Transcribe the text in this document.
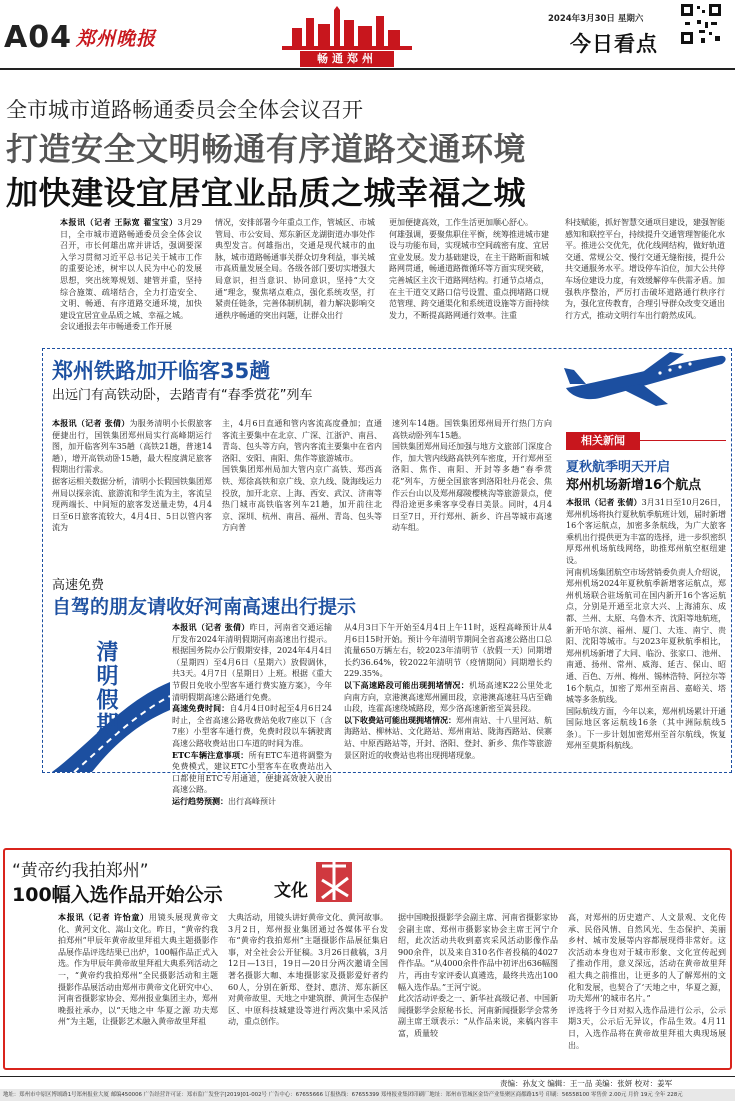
A04 郑州晚报
畅通郑州
2024年3月30日 星期六
今日看点
全市城市道路畅通委员会全体会议召开
打造安全文明畅通有序道路交通环境
加快建设宜居宜业品质之城幸福之城
本报讯（记者 王际宽 翟宝宝）3月29日，全市城市道路畅通委员会全体会议召开，市长何雄出席并讲话，强调要深入学习贯彻习近平总书记关于城市工作的重要论述，树牢以人民为中心的发展思想，突出统筹规划、建管并重，坚持综合施策、疏堵结合，全力打造安全、文明、畅通、有序道路交通环境，加快建设宜居宜业品质之城、幸福之城。
会议通报去年市畅通委工作开展
情况，安排部署今年重点工作，管城区、市城管局、市公安局、郑东新区龙湖街道办事处作典型发言。何雄指出，交通是现代城市的血脉，城市道路畅通事关群众切身利益，事关城市高质量发展全局。各级各部门要切实增强大局意识，担当意识、协同意识，坚持“大交通”理念，聚焦堵点难点，强化系统攻坚，打紧责任链条，完善体制机制，着力解决影响交通秩序畅通的突出问题，让群众出行
更加便捷高效，工作生活更加顺心舒心。
何雄强调，要聚焦职住平衡，统筹推进城市建设与功能布局，实现城市空间疏密有度、宜居宜业发展。发力基础建设，在主干路断面和城路网贯通，畅通道路微循环等方面实现突破，完善城区主次干道路网结构。打通节点堵点，在主干道交叉路口信号设置、重点拥堵路口规范管理、跨交通渠化和系统道设施等方面持续发力，不断提高路网通行效率。注重
科技赋能，抓好智慧交通项目建设，建强智能感知和联控平台，持续提升交通管理智能化水平。推进公交优先，优化线网结构，做好轨道交通、常规公交、慢行交通无缝衔接，提升公共交通服务水平。增设停车泊位，加大公共停车场位建设力度，有效缓解停车供需矛盾。加强秩序整治，严厉打击破坏道路通行秩序行为，强化宣传教育，合理引导群众改变交通出行方式，推动文明行车出行蔚然成风。
郑州铁路加开临客35趟
出远门有高铁动卧，去踏青有“春季赏花”列车
本报讯（记者 张倩）为服务清明小长假旅客便捷出行，国铁集团郑州局实行高峰期运行图，加开临客列车35趟（高铁21趟，普速14趟），增开高铁动卧15趟，最大程度满足旅客假期出行需求。
据客运相关数据分析，清明小长假国铁集团郑州局以探亲流、旅游流和学生流为主，客流呈现两端长、中间短的旅客发送量走势，4月4日至6日旅客流较大，4月4日、5日以管内客流为
主，4月6日直通和管内客流高度叠加；直通客流主要集中在北京、广深、江浙沪、南昌、青岛、包头等方向，管内客流主要集中在省内洛阳、安阳、南阳、焦作等旅游城市。
国铁集团郑州局加大管内京广高铁、郑西高铁、郑徐高铁和京广线、京九线、陇海线运力投放，加开北京、上海、西安、武汉、济南等热门城市高铁临客列车21趟，加开前往北京、深圳、杭州、南昌、福州、青岛、包头等方向普
速列车14趟。国铁集团郑州局开行热门方向高铁动卧列车15趟。
国铁集团郑州局还加强与地方文旅部门深度合作，加大管内线路高铁列车密度，开行郑州至洛阳、焦作、南阳、开封等多趟“春季赏花”列车，方便全国旅客到洛阳牡丹花会、焦作云台山以及郑州鄢陵樱桃沟等旅游景点，使得沿途更多乘客享受春日美景。同时，4月4日至7日，开行郑州、新乡、许昌等城市高速动车组。
相关新闻
夏秋航季明天开启
郑州机场新增16个航点
本报讯（记者 张倩）3月31日至10月26日，郑州机场将执行夏秋航季航班计划，届时新增16个客运航点，加密多条航线，为广大旅客乘机出行提供更为丰富的选择，进一步织密织厚郑州机场航线网络，助推郑州航空枢纽建设。
河南机场集团航空市场营销委负责人介绍说，郑州机场2024年夏秋航季新增客运航点，郑州机场联合驻场航司在国内新开16个客运航点，分别是开通至北京大兴、上海浦东、成都、兰州、太原、乌鲁木齐、沈阳等地航班，新开哈尔滨、福州、厦门、大连、南宁、贵阳、沈阳等城市。与2023年夏秋航季相比，郑州机场新增了大同、临汾、张家口、池州、南通、扬州、常州、威海、延吉、保山、昭通、百色、万州、梅州、锡林浩特、阿拉尔等16个航点，加密了郑州至南昌、嘉峪关、塔城等多条航线。
国际航线方面，今年以来，郑州机场累计开通国际地区客运航线16条（其中洲际航线5条）。下一步计划加密郑州至首尔航线，恢复郑州至莫斯科航线。
高速免费
自驾的朋友请收好河南高速出行提示
清明假期
本报讯（记者 张倩）昨日，河南省交通运输厅发布2024年清明假期河南高速出行提示。根据国务院办公厅假期安排，2024年4月4日（星期四）至4月6日（星期六）放假调休，共3天。4月7日（星期日）上班。根据《重大节假日免收小型客车通行费实施方案》，今年清明假期高速公路通行免费。
高速免费时间：自4月4日0时起至4月6日24时止，全省高速公路收费站免收7座以下（含7座）小型客车通行费，免费时段以车辆驶离高速公路收费站出口车道的时间为准。
ETC车辆注意事项：所有ETC车道将调整为免费模式，建议ETC小型客车在收费站出入口都使用ETC专用通道，便捷高效驶入驶出高速公路。
运行趋势预测：出行高峰预计
从4月3日下午开始至4月4日上午11时，返程高峰预计从4月6日15时开始。预计今年清明节期间全省高速公路出口总流量650万辆左右，较2023年清明节（放假一天）同期增长约36.64%，较2022年清明节（疫情期间）同期增长约229.35%。
以下高速路段可能出现拥堵情况：机场高速K22公里处北向南方向，京港澳高速郑州圃田段，京港澳高速驻马店至确山段，连霍高速绕城路段，郑少洛高速新密至嵩县段。
以下收费站可能出现拥堵情况：郑州南站、十八里河站、航海路站、柳林站、文化路站、郑州南站、陇海西路站、侯寨站、中原西路站等，开封、洛阳、登封、新乡、焦作等旅游景区附近的收费站也将出现拥堵现象。
“黄帝约我拍郑州”
100幅入选作品开始公示	文化
本报讯（记者 许怡童）用镜头展现黄帝文化、黄河文化、嵩山文化。昨日，“黄帝约我拍郑州”甲辰年黄帝故里拜祖大典主题摄影作品展作品评选结果已出炉，100幅作品正式入选。作为甲辰年黄帝故里拜祖大典系列活动之一，“黄帝约我拍郑州”全民摄影活动和主题摄影作品展活动由郑州市黄帝文化研究中心、河南省摄影家协会、郑州报业集团主办，郑州晚报社承办，以“天地之中 华夏之源 功夫郑州”为主题，让摄影艺术融入黄帝故里拜祖
大典活动，用镜头讲好黄帝文化、黄河故事。
3月2日，郑州报业集团通过各媒体平台发布“黄帝约我拍郑州”主题摄影作品展征集启事，对全社会公开征稿。3月26日截稿，3月12日—13日，19日—20日分两次邀请全国著名摄影大咖、本地摄影家及摄影爱好者约60人，分别在新郑、登封、惠济、郑东新区对黄帝故里、天地之中建筑群、黄河生态保护区、中原科技城建设等进行两次集中采风活动，重点创作。
据中国晚报摄影学会副主席、河南省摄影家协会副主席、郑州市摄影家协会主席王河宁介绍，此次活动共收到嘉宾采风活动影像作品900余件，以及来自310名作者投稿的4027件作品。“从4000余件作品中初评出636幅图片，再由专家评委认真遴选，最终共选出100幅入选作品。”王河宁说。
此次活动评委之一、新华社高级记者、中国新闻摄影学会原秘书长、河南新闻摄影学会常务副主席王颂表示：“从作品来说，来稿内容丰富，质量较
高，对郑州的历史遗产、人文景观、文化传承、民俗风情、自然风光、生态保护、美丽乡村、城市发展等内容都展现得非常好。这次活动本身也对于城市形象、文化宣传起到了推动作用，意义深远，活动在黄帝故里拜祖大典之前推出，让更多的人了解郑州的文化和发展，也契合了‘天地之中，华夏之源，功夫郑州’的城市名片。”
评选将于今日对拟入选作品进行公示，公示期3天，公示后无异议，作品生效。4月11日，入选作品将在黄帝故里拜祖大典现场展出。
责编：孙友文 编辑：王一品 美编：张妍 校对：姜军
地址：郑州市中原区博颂路1号郑州报业大厦 邮编450006 广告经营许可证：郑市监广发登字[2019]01-002号 广告中心：67655666 订报热线：67655399 郑州报业集团印刷厂地址：郑州市管城区金岱产业集聚区商都路15号 印刷：56558100 零售价 2.00元 月价 19元 全年 228元
